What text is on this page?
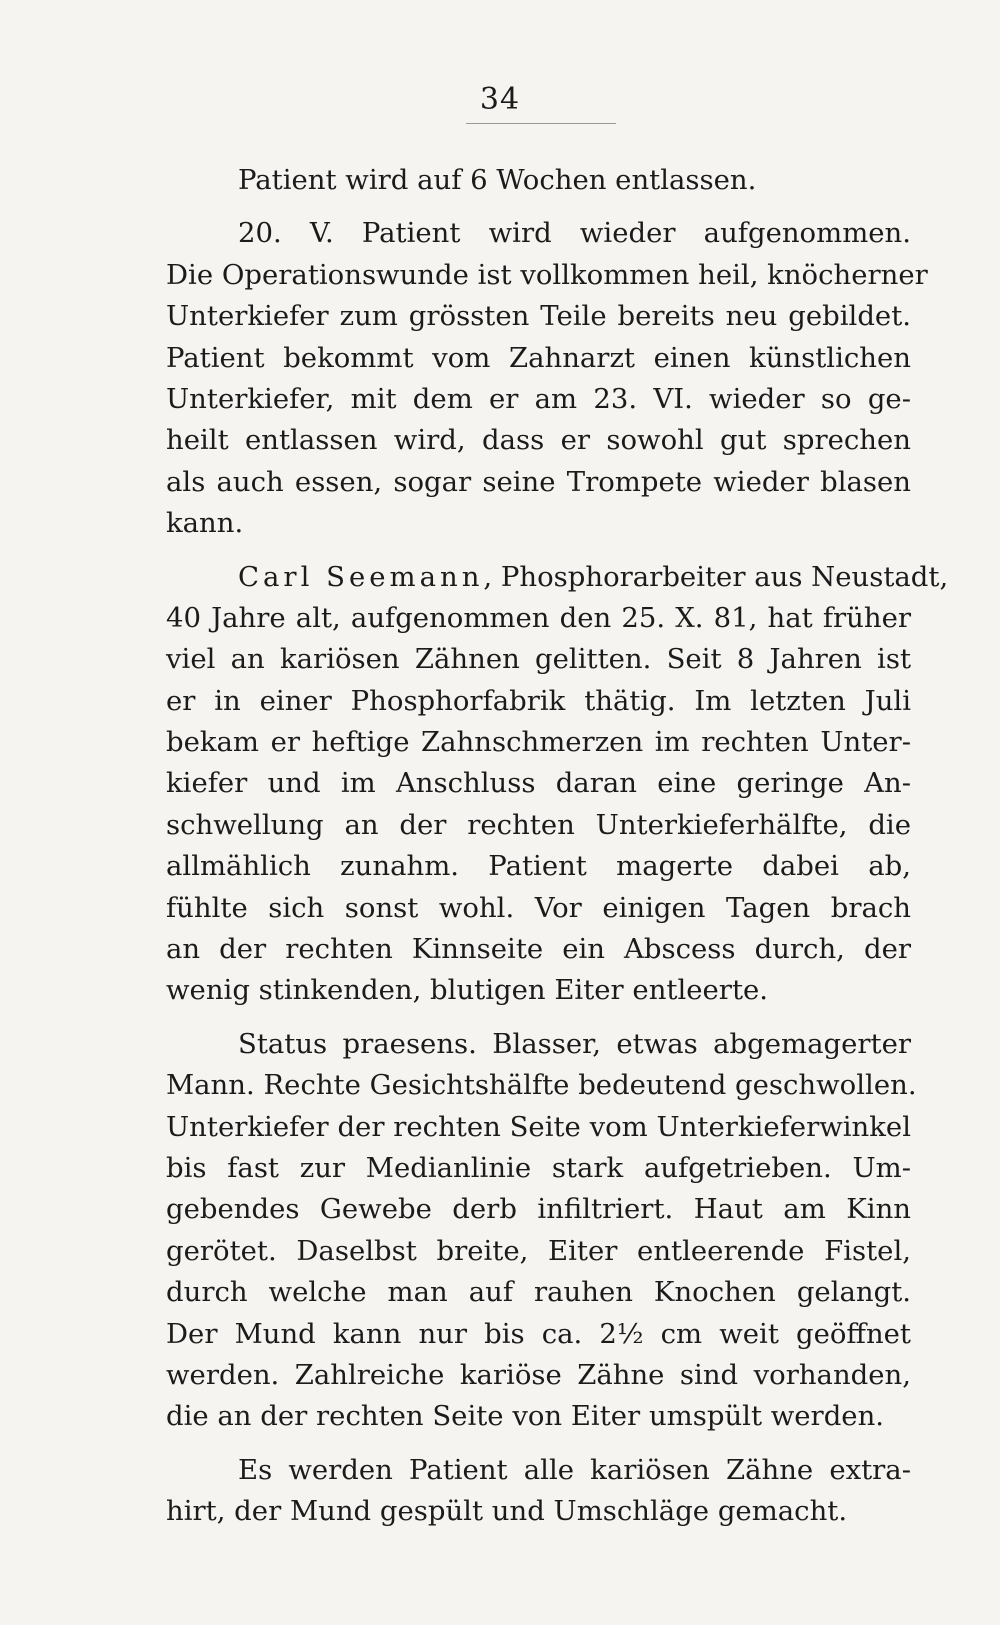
34
Patient wird auf 6 Wochen entlassen.
20. V. Patient wird wieder aufgenommen.
Die Operationswunde ist vollkommen heil, knöcherner
Unterkiefer zum grössten Teile bereits neu gebildet.
Patient bekommt vom Zahnarzt einen künstlichen
Unterkiefer, mit dem er am 23. VI. wieder so ge-
heilt entlassen wird, dass er sowohl gut sprechen
als auch essen, sogar seine Trompete wieder blasen
kann.
Carl Seemann, Phosphorarbeiter aus Neustadt,
40 Jahre alt, aufgenommen den 25. X. 81, hat früher
viel an kariösen Zähnen gelitten. Seit 8 Jahren ist
er in einer Phosphorfabrik thätig. Im letzten Juli
bekam er heftige Zahnschmerzen im rechten Unter-
kiefer und im Anschluss daran eine geringe An-
schwellung an der rechten Unterkieferhälfte, die
allmählich zunahm. Patient magerte dabei ab,
fühlte sich sonst wohl. Vor einigen Tagen brach
an der rechten Kinnseite ein Abscess durch, der
wenig stinkenden, blutigen Eiter entleerte.
Status praesens. Blasser, etwas abgemagerter
Mann. Rechte Gesichtshälfte bedeutend geschwollen.
Unterkiefer der rechten Seite vom Unterkieferwinkel
bis fast zur Medianlinie stark aufgetrieben. Um-
gebendes Gewebe derb infiltriert. Haut am Kinn
gerötet. Daselbst breite, Eiter entleerende Fistel,
durch welche man auf rauhen Knochen gelangt.
Der Mund kann nur bis ca. 2½ cm weit geöffnet
werden. Zahlreiche kariöse Zähne sind vorhanden,
die an der rechten Seite von Eiter umspült werden.
Es werden Patient alle kariösen Zähne extra-
hirt, der Mund gespült und Umschläge gemacht.
